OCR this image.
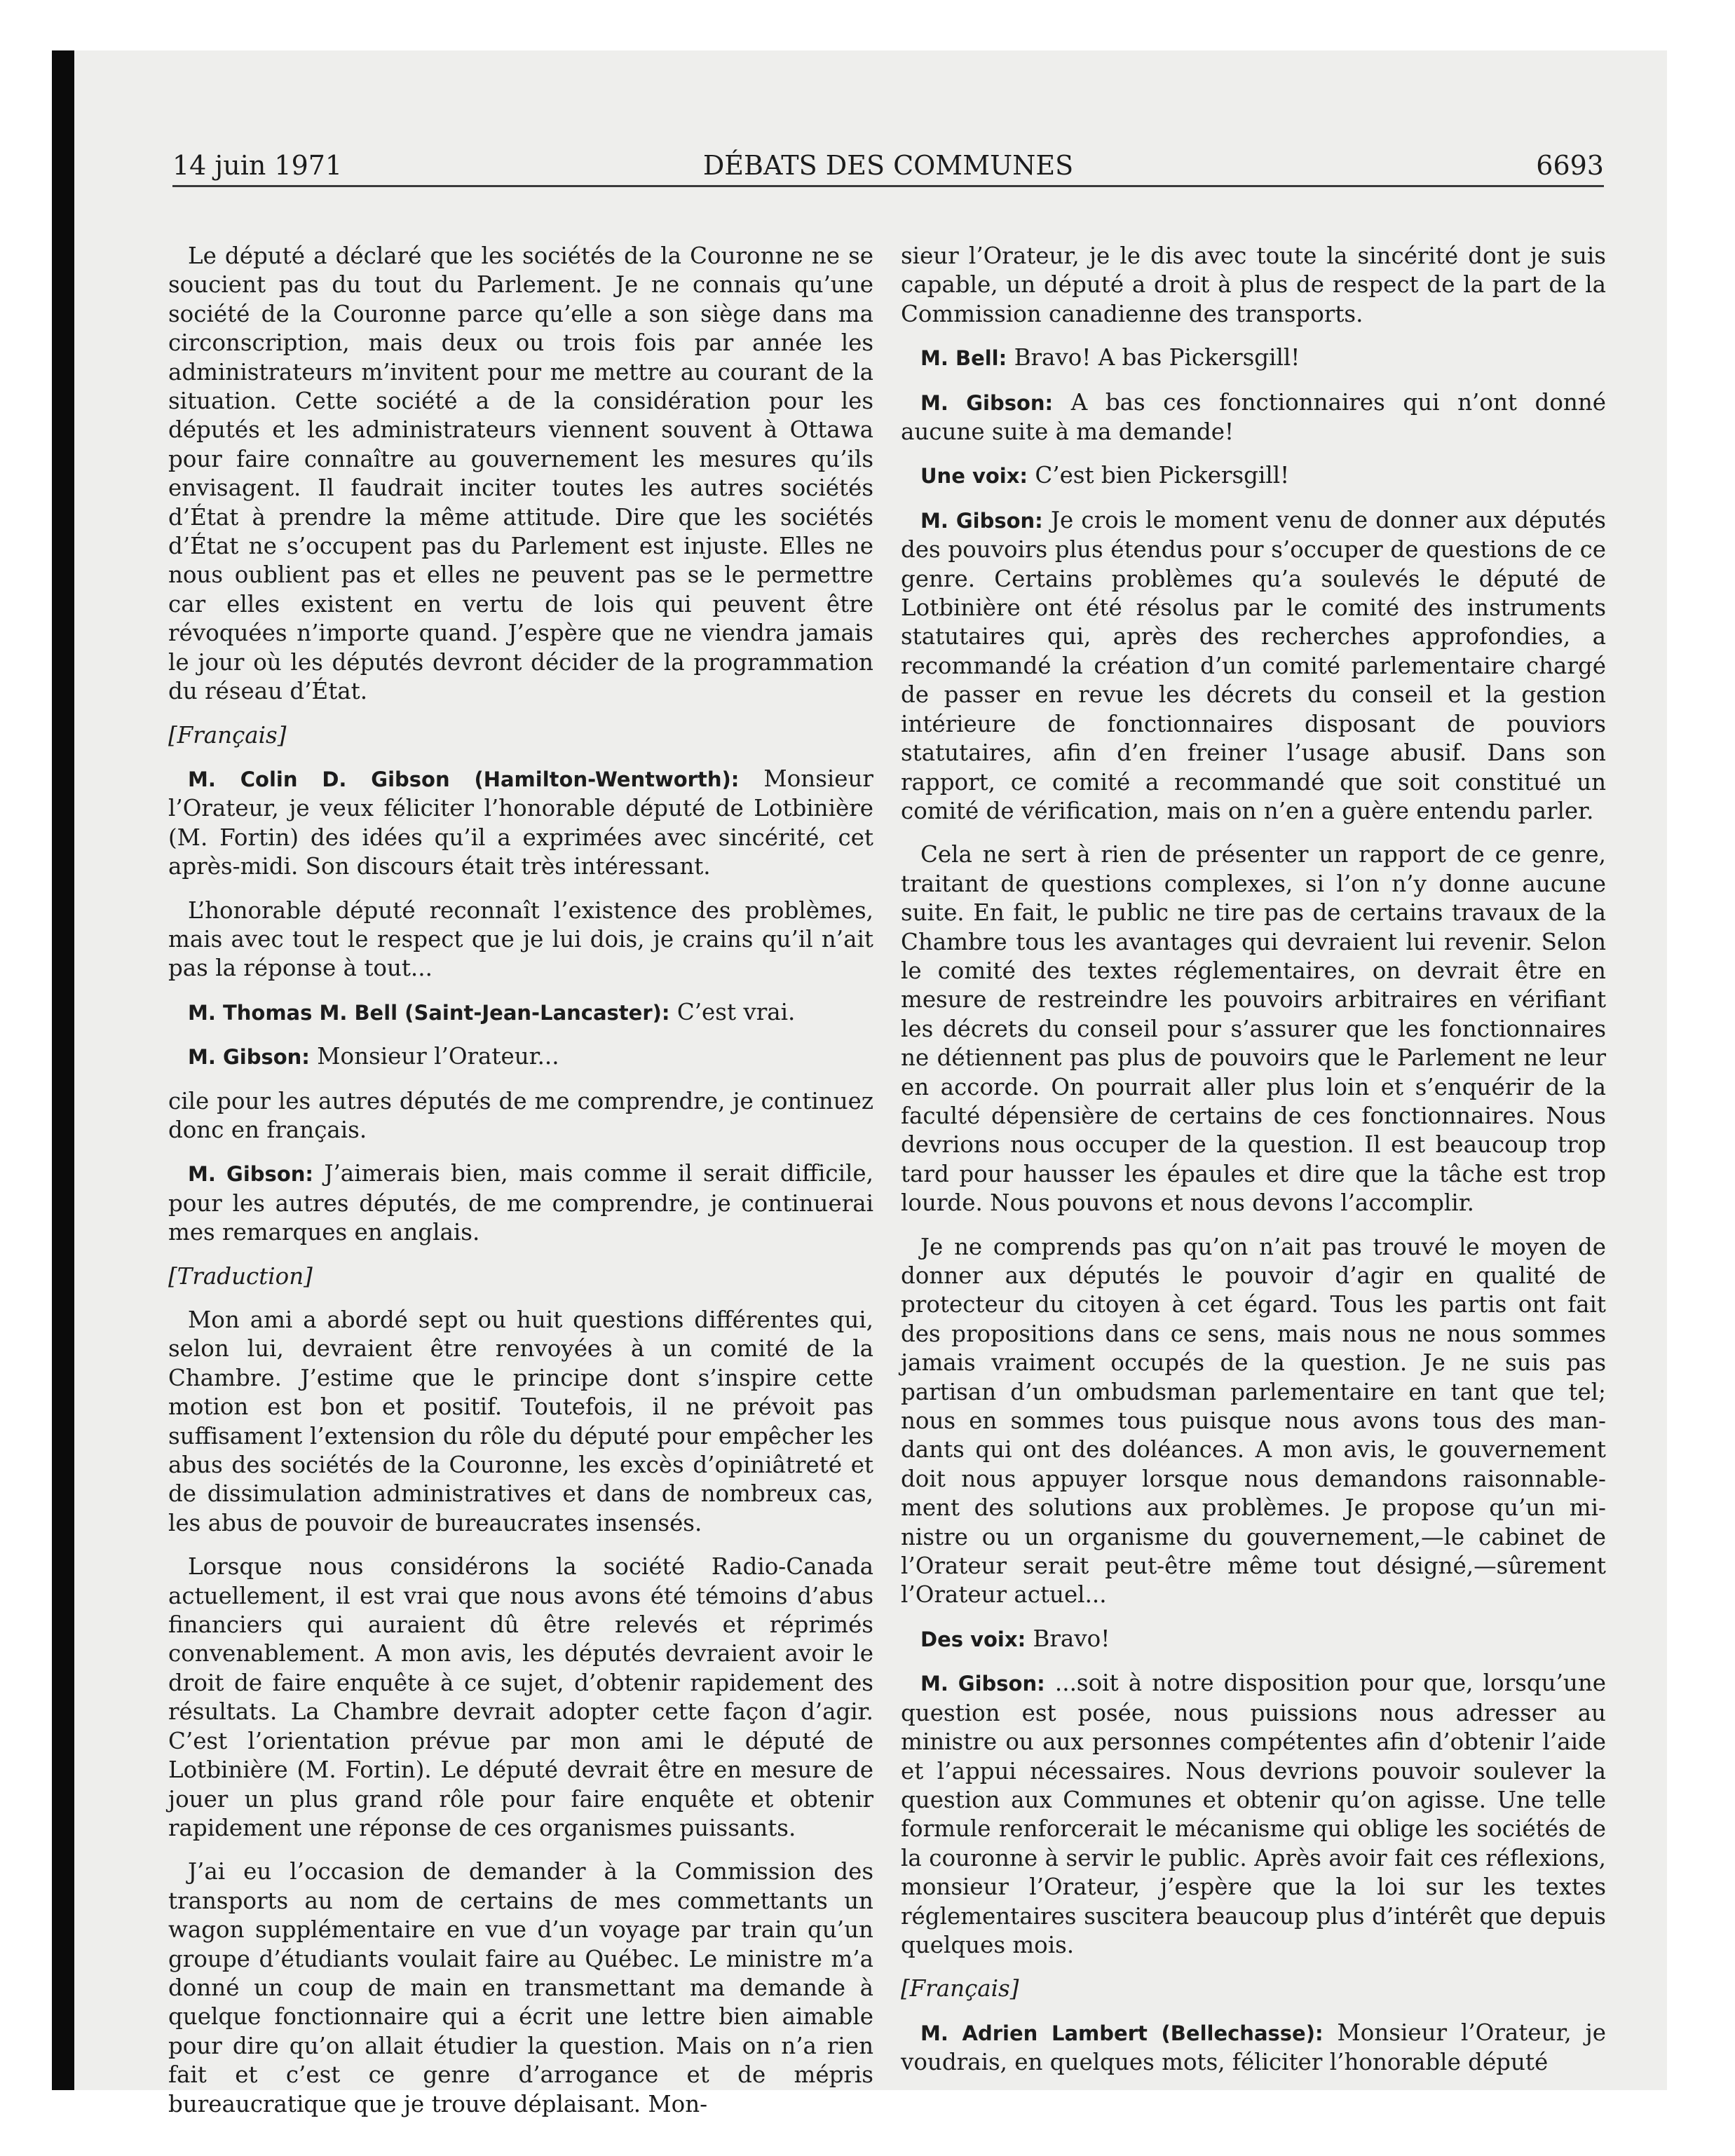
14 juin 1971	DÉBATS DES COMMUNES	6693

Le député a déclaré que les sociétés de la Couronne ne se soucient pas du tout du Parlement. Je ne connais qu’une société de la Couronne parce qu’elle a son siège dans ma circonscription, mais deux ou trois fois par année les administrateurs m’invitent pour me mettre au courant de la situation. Cette société a de la considération pour les députés et les administrateurs viennent souvent à Ottawa pour faire connaître au gouvernement les mesures qu’ils envisagent. Il faudrait inciter toutes les autres sociétés d’État à prendre la même attitude. Dire que les sociétés d’État ne s’occupent pas du Parlement est injuste. Elles ne nous oublient pas et elles ne peuvent pas se le permettre car elles existent en vertu de lois qui peuvent être révoquées n’importe quand. J’espère que ne viendra jamais le jour où les députés devront décider de la programmation du réseau d’État.

[Français]

M. Colin D. Gibson (Hamilton-Wentworth): Monsieur l’Orateur, je veux féliciter l’honorable député de Lotbinière (M. Fortin) des idées qu’il a exprimées avec sincérité, cet après-midi. Son discours était très intéressant.

L’honorable député reconnaît l’existence des problèmes, mais avec tout le respect que je lui dois, je crains qu’il n’ait pas la réponse à tout...

M. Thomas M. Bell (Saint-Jean-Lancaster): C’est vrai.

M. Gibson: Monsieur l’Orateur...

cile pour les autres députés de me comprendre, je continuez donc en français.

M. Gibson: J’aimerais bien, mais comme il serait difficile, pour les autres députés, de me comprendre, je continuerai mes remarques en anglais.

[Traduction]

Mon ami a abordé sept ou huit questions différentes qui, selon lui, devraient être renvoyées à un comité de la Chambre. J’estime que le principe dont s’inspire cette motion est bon et positif. Toutefois, il ne prévoit pas suffisament l’extension du rôle du député pour empêcher les abus des sociétés de la Couronne, les excès d’opiniâtreté et de dissimulation administratives et dans de nombreux cas, les abus de pouvoir de bureaucrates insensés.

Lorsque nous considérons la société Radio-Canada actuellement, il est vrai que nous avons été témoins d’abus financiers qui auraient dû être relevés et réprimés convenablement. A mon avis, les députés devraient avoir le droit de faire enquête à ce sujet, d’obtenir rapidement des résultats. La Chambre devrait adopter cette façon d’agir. C’est l’orientation prévue par mon ami le député de Lotbinière (M. Fortin). Le député devrait être en mesure de jouer un plus grand rôle pour faire enquête et obtenir rapidement une réponse de ces organismes puissants.

J’ai eu l’occasion de demander à la Commission des transports au nom de certains de mes commettants un wagon supplémentaire en vue d’un voyage par train qu’un groupe d’étudiants voulait faire au Québec. Le ministre m’a donné un coup de main en transmettant ma demande à quelque fonctionnaire qui a écrit une lettre bien aimable pour dire qu’on allait étudier la question. Mais on n’a rien fait et c’est ce genre d’arrogance et de mépris bureaucratique que je trouve déplaisant. Mon-

sieur l’Orateur, je le dis avec toute la sincérité dont je suis capable, un député a droit à plus de respect de la part de la Commission canadienne des transports.

M. Bell: Bravo! A bas Pickersgill!

M. Gibson: A bas ces fonctionnaires qui n’ont donné aucune suite à ma demande!

Une voix: C’est bien Pickersgill!

M. Gibson: Je crois le moment venu de donner aux députés des pouvoirs plus étendus pour s’occuper de questions de ce genre. Certains problèmes qu’a soulevés le député de Lotbinière ont été résolus par le comité des instruments statutaires qui, après des recherches approfondies, a recommandé la création d’un comité parlementaire chargé de passer en revue les décrets du conseil et la gestion intérieure de fonctionnaires disposant de pouviors statutaires, afin d’en freiner l’usage abusif. Dans son rapport, ce comité a recommandé que soit constitué un comité de vérification, mais on n’en a guère entendu parler.

Cela ne sert à rien de présenter un rapport de ce genre, traitant de questions complexes, si l’on n’y donne aucune suite. En fait, le public ne tire pas de certains travaux de la Chambre tous les avantages qui devraient lui revenir. Selon le comité des textes réglementaires, on devrait être en mesure de restreindre les pouvoirs arbitraires en vérifiant les décrets du conseil pour s’assurer que les fonctionnaires ne détiennent pas plus de pouvoirs que le Parlement ne leur en accorde. On pourrait aller plus loin et s’enquérir de la faculté dépensière de certains de ces fonctionnaires. Nous devrions nous occuper de la question. Il est beaucoup trop tard pour hausser les épaules et dire que la tâche est trop lourde. Nous pouvons et nous devons l’accomplir.

Je ne comprends pas qu’on n’ait pas trouvé le moyen de donner aux députés le pouvoir d’agir en qualité de protecteur du citoyen à cet égard. Tous les partis ont fait des propositions dans ce sens, mais nous ne nous sommes jamais vraiment occupés de la question. Je ne suis pas partisan d’un ombudsman parlementaire en tant que tel; nous en sommes tous puisque nous avons tous des mandants qui ont des doléances. A mon avis, le gouvernement doit nous appuyer lorsque nous demandons raisonnablement des solutions aux problèmes. Je propose qu’un ministre ou un organisme du gouvernement,—le cabinet de l’Orateur serait peut-être même tout désigné,—sûrement l’Orateur actuel...

Des voix: Bravo!

M. Gibson: ...soit à notre disposition pour que, lorsqu’une question est posée, nous puissions nous adresser au ministre ou aux personnes compétentes afin d’obtenir l’aide et l’appui nécessaires. Nous devrions pouvoir soulever la question aux Communes et obtenir qu’on agisse. Une telle formule renforcerait le mécanisme qui oblige les sociétés de la couronne à servir le public. Après avoir fait ces réflexions, monsieur l’Orateur, j’espère que la loi sur les textes réglementaires suscitera beaucoup plus d’intérêt que depuis quelques mois.

[Français]

M. Adrien Lambert (Bellechasse): Monsieur l’Orateur, je voudrais, en quelques mots, féliciter l’honorable député
